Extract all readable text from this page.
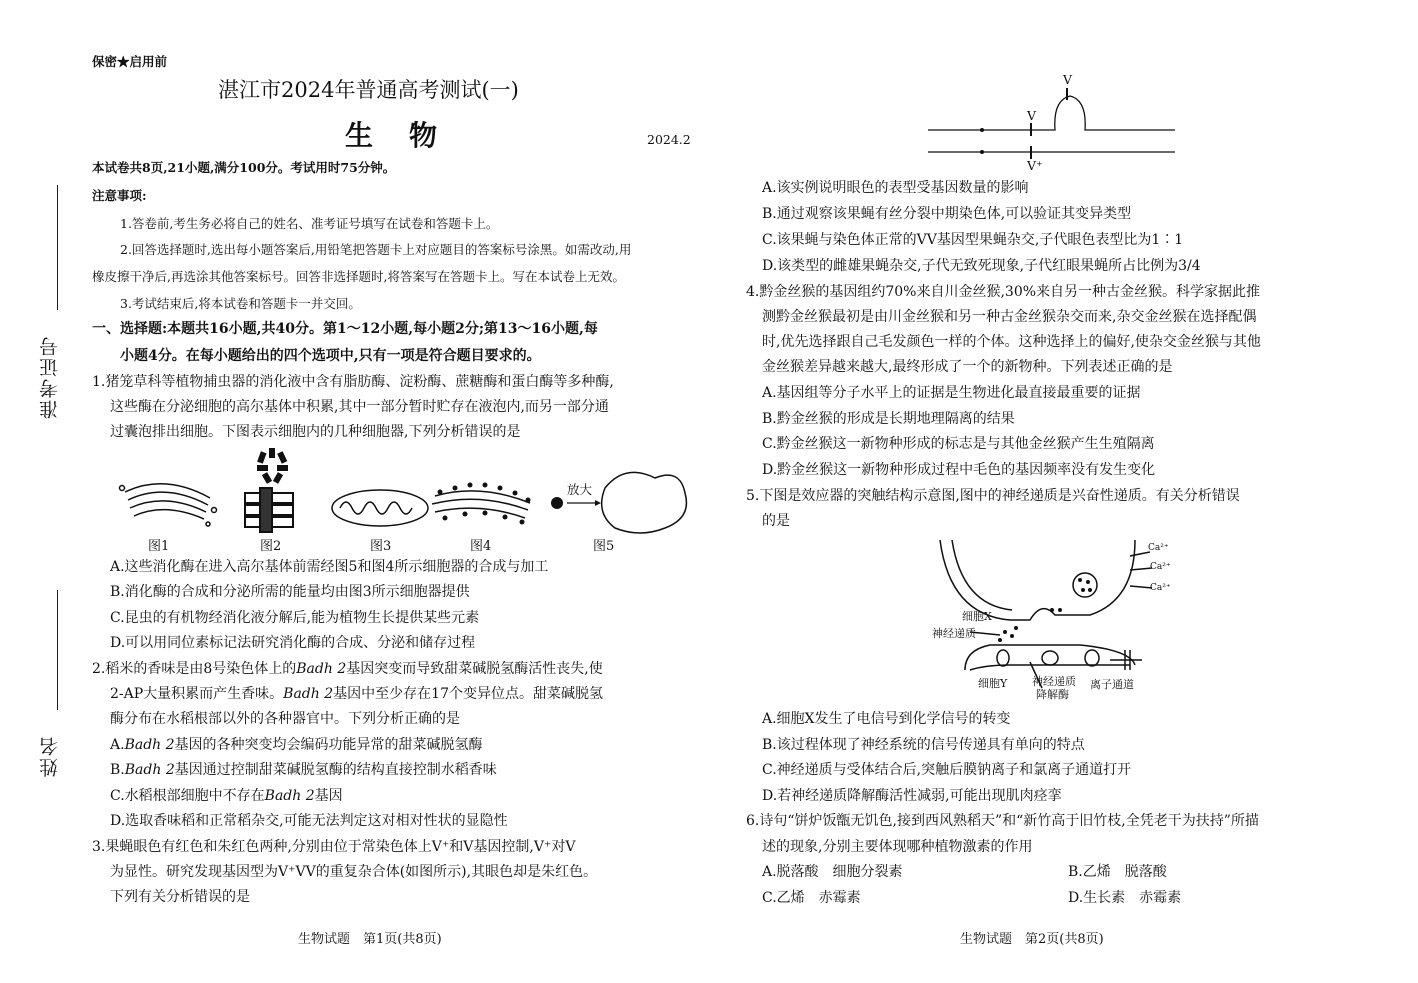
保密★启用前
湛江市2024年普通高考测试(一)
生　物	2024.2
本试卷共8页,21小题,满分100分。考试用时75分钟。
注意事项:
1.答卷前,考生务必将自己的姓名、准考证号填写在试卷和答题卡上。
2.回答选择题时,选出每小题答案后,用铅笔把答题卡上对应题目的答案标号涂黑。如需改动,用
橡皮擦干净后,再选涂其他答案标号。回答非选择题时,将答案写在答题卡上。写在本试卷上无效。
3.考试结束后,将本试卷和答题卡一并交回。
准考证号
姓名
一、选择题:本题共16小题,共40分。第1～12小题,每小题2分;第13～16小题,每
小题4分。在每小题给出的四个选项中,只有一项是符合题目要求的。
1.猪笼草科等植物捕虫器的消化液中含有脂肪酶、淀粉酶、蔗糖酶和蛋白酶等多种酶,
这些酶在分泌细胞的高尔基体中积累,其中一部分暂时贮存在液泡内,而另一部分通
过囊泡排出细胞。下图表示细胞内的几种细胞器,下列分析错误的是
放大
图1	图2	图3	图4	图5
A.这些消化酶在进入高尔基体前需经图5和图4所示细胞器的合成与加工
B.消化酶的合成和分泌所需的能量均由图3所示细胞器提供
C.昆虫的有机物经消化液分解后,能为植物生长提供某些元素
D.可以用同位素标记法研究消化酶的合成、分泌和储存过程
2.稻米的香味是由8号染色体上的Badh 2基因突变而导致甜菜碱脱氢酶活性丧失,使
2-AP大量积累而产生香味。Badh 2基因中至少存在17个变异位点。甜菜碱脱氢
酶分布在水稻根部以外的各种器官中。下列分析正确的是
A.Badh 2基因的各种突变均会编码功能异常的甜菜碱脱氢酶
B.Badh 2基因通过控制甜菜碱脱氢酶的结构直接控制水稻香味
C.水稻根部细胞中不存在Badh 2基因
D.选取香味稻和正常稻杂交,可能无法判定这对相对性状的显隐性
3.果蝇眼色有红色和朱红色两种,分别由位于常染色体上V⁺和V基因控制,V⁺对V
为显性。研究发现基因型为V⁺VV的重复杂合体(如图所示),其眼色却是朱红色。
下列有关分析错误的是
生物试题　第1页(共8页)
V
V
V⁺
A.该实例说明眼色的表型受基因数量的影响
B.通过观察该果蝇有丝分裂中期染色体,可以验证其变异类型
C.该果蝇与染色体正常的VV基因型果蝇杂交,子代眼色表型比为1∶1
D.该类型的雌雄果蝇杂交,子代无致死现象,子代红眼果蝇所占比例为3/4
4.黔金丝猴的基因组约70%来自川金丝猴,30%来自另一种古金丝猴。科学家据此推
测黔金丝猴最初是由川金丝猴和另一种古金丝猴杂交而来,杂交金丝猴在选择配偶
时,优先选择跟自己毛发颜色一样的个体。这种选择上的偏好,使杂交金丝猴与其他
金丝猴差异越来越大,最终形成了一个的新物种。下列表述正确的是
A.基因组等分子水平上的证据是生物进化最直接最重要的证据
B.黔金丝猴的形成是长期地理隔离的结果
C.黔金丝猴这一新物种形成的标志是与其他金丝猴产生生殖隔离
D.黔金丝猴这一新物种形成过程中毛色的基因频率没有发生变化
5.下图是效应器的突触结构示意图,图中的神经递质是兴奋性递质。有关分析错误
的是
细胞X
神经递质
细胞Y 神经递质
降解酶
离子通道
Ca²⁺
Ca²⁺
Ca²⁺
A.细胞X发生了电信号到化学信号的转变
B.该过程体现了神经系统的信号传递具有单向的特点
C.神经递质与受体结合后,突触后膜钠离子和氯离子通道打开
D.若神经递质降解酶活性减弱,可能出现肌肉痉挛
6.诗句“饼炉饭甑无饥色,接到西风熟稻天”和“新竹高于旧竹枝,全凭老干为扶持”所描
述的现象,分别主要体现哪种植物激素的作用
A.脱落酸　细胞分裂素	B.乙烯　脱落酸
C.乙烯　赤霉素	D.生长素　赤霉素
生物试题　第2页(共8页)
